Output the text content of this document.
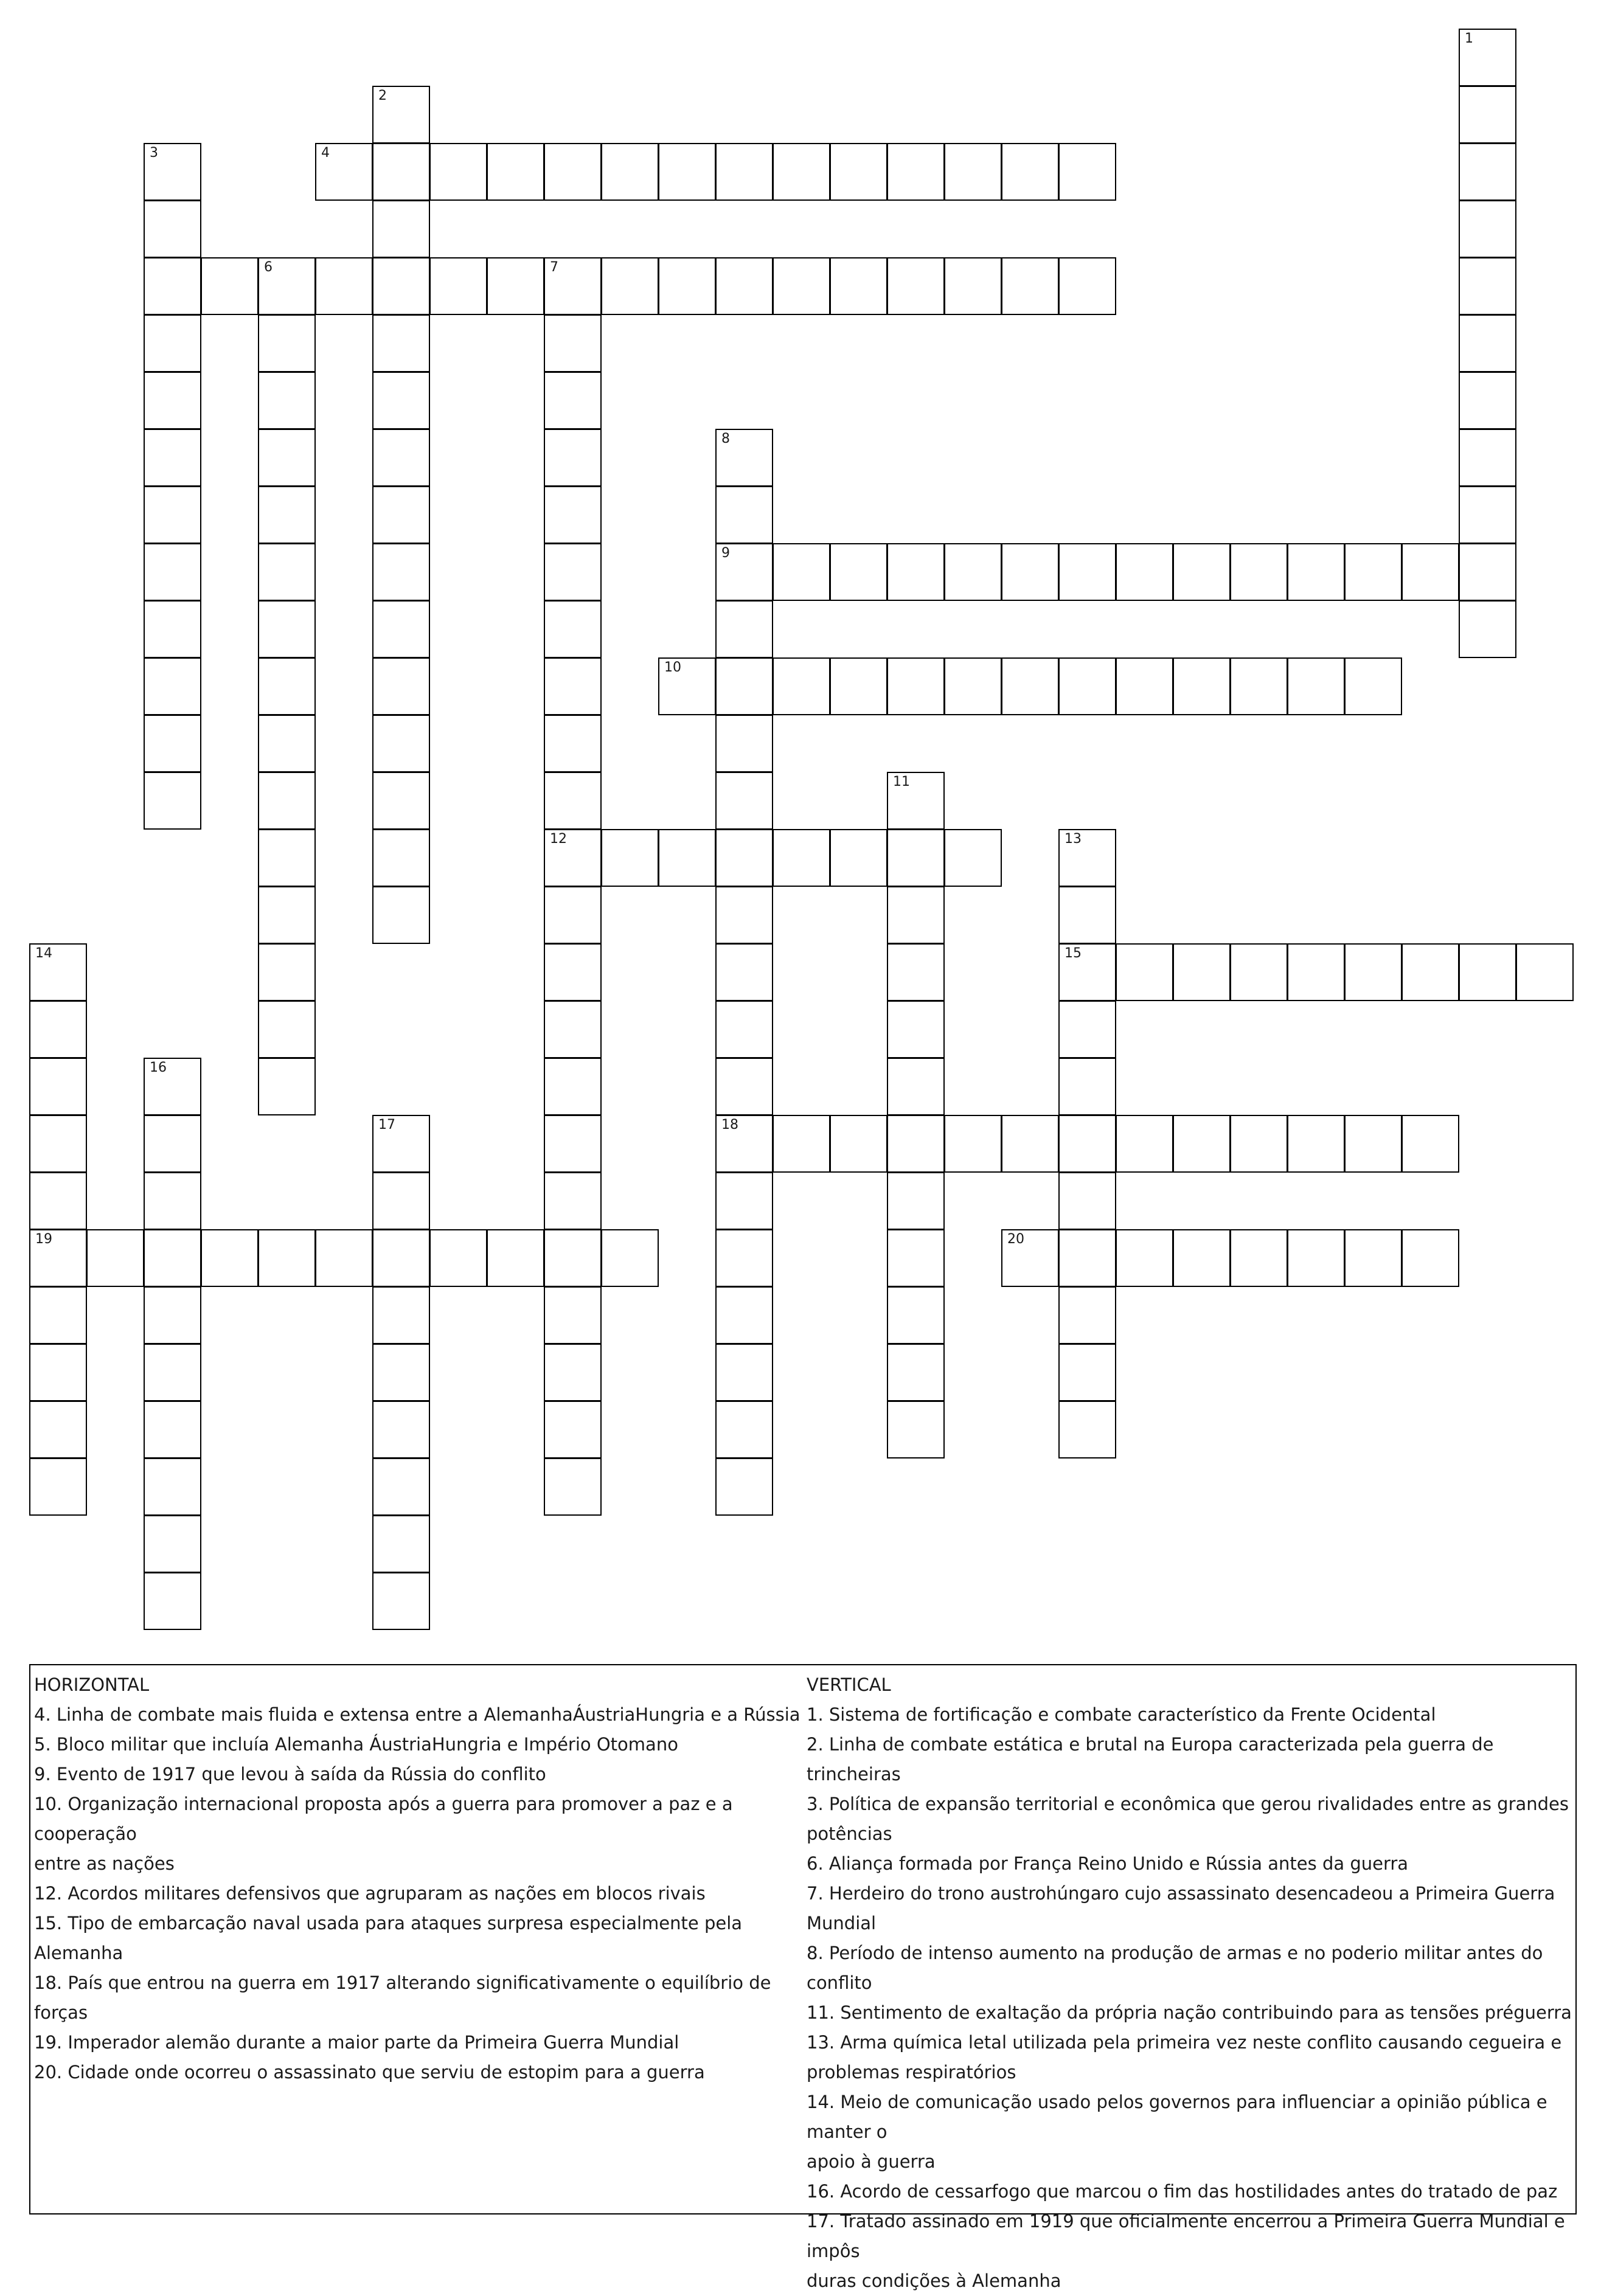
1
2
3	4
6	7
12
8
9
18
10
11
13
15
20
14
19
16
17
HORIZONTAL
4. Linha de combate mais fluida e extensa entre a AlemanhaÁustriaHungria e a Rússia
5. Bloco militar que incluía Alemanha ÁustriaHungria e Império Otomano
9. Evento de 1917 que levou à saída da Rússia do conflito
10. Organização internacional proposta após a guerra para promover a paz e a cooperação
entre as nações
12. Acordos militares defensivos que agruparam as nações em blocos rivais
15. Tipo de embarcação naval usada para ataques surpresa especialmente pela Alemanha
18. País que entrou na guerra em 1917 alterando significativamente o equilíbrio de forças
19. Imperador alemão durante a maior parte da Primeira Guerra Mundial
20. Cidade onde ocorreu o assassinato que serviu de estopim para a guerra
VERTICAL
1. Sistema de fortificação e combate característico da Frente Ocidental
2. Linha de combate estática e brutal na Europa caracterizada pela guerra de trincheiras
3. Política de expansão territorial e econômica que gerou rivalidades entre as grandes
potências
6. Aliança formada por França Reino Unido e Rússia antes da guerra
7. Herdeiro do trono austrohúngaro cujo assassinato desencadeou a Primeira Guerra
Mundial
8. Período de intenso aumento na produção de armas e no poderio militar antes do conflito
11. Sentimento de exaltação da própria nação contribuindo para as tensões préguerra
13. Arma química letal utilizada pela primeira vez neste conflito causando cegueira e
problemas respiratórios
14. Meio de comunicação usado pelos governos para influenciar a opinião pública e manter o
apoio à guerra
16. Acordo de cessarfogo que marcou o fim das hostilidades antes do tratado de paz
17. Tratado assinado em 1919 que oficialmente encerrou a Primeira Guerra Mundial e impôs
duras condições à Alemanha
